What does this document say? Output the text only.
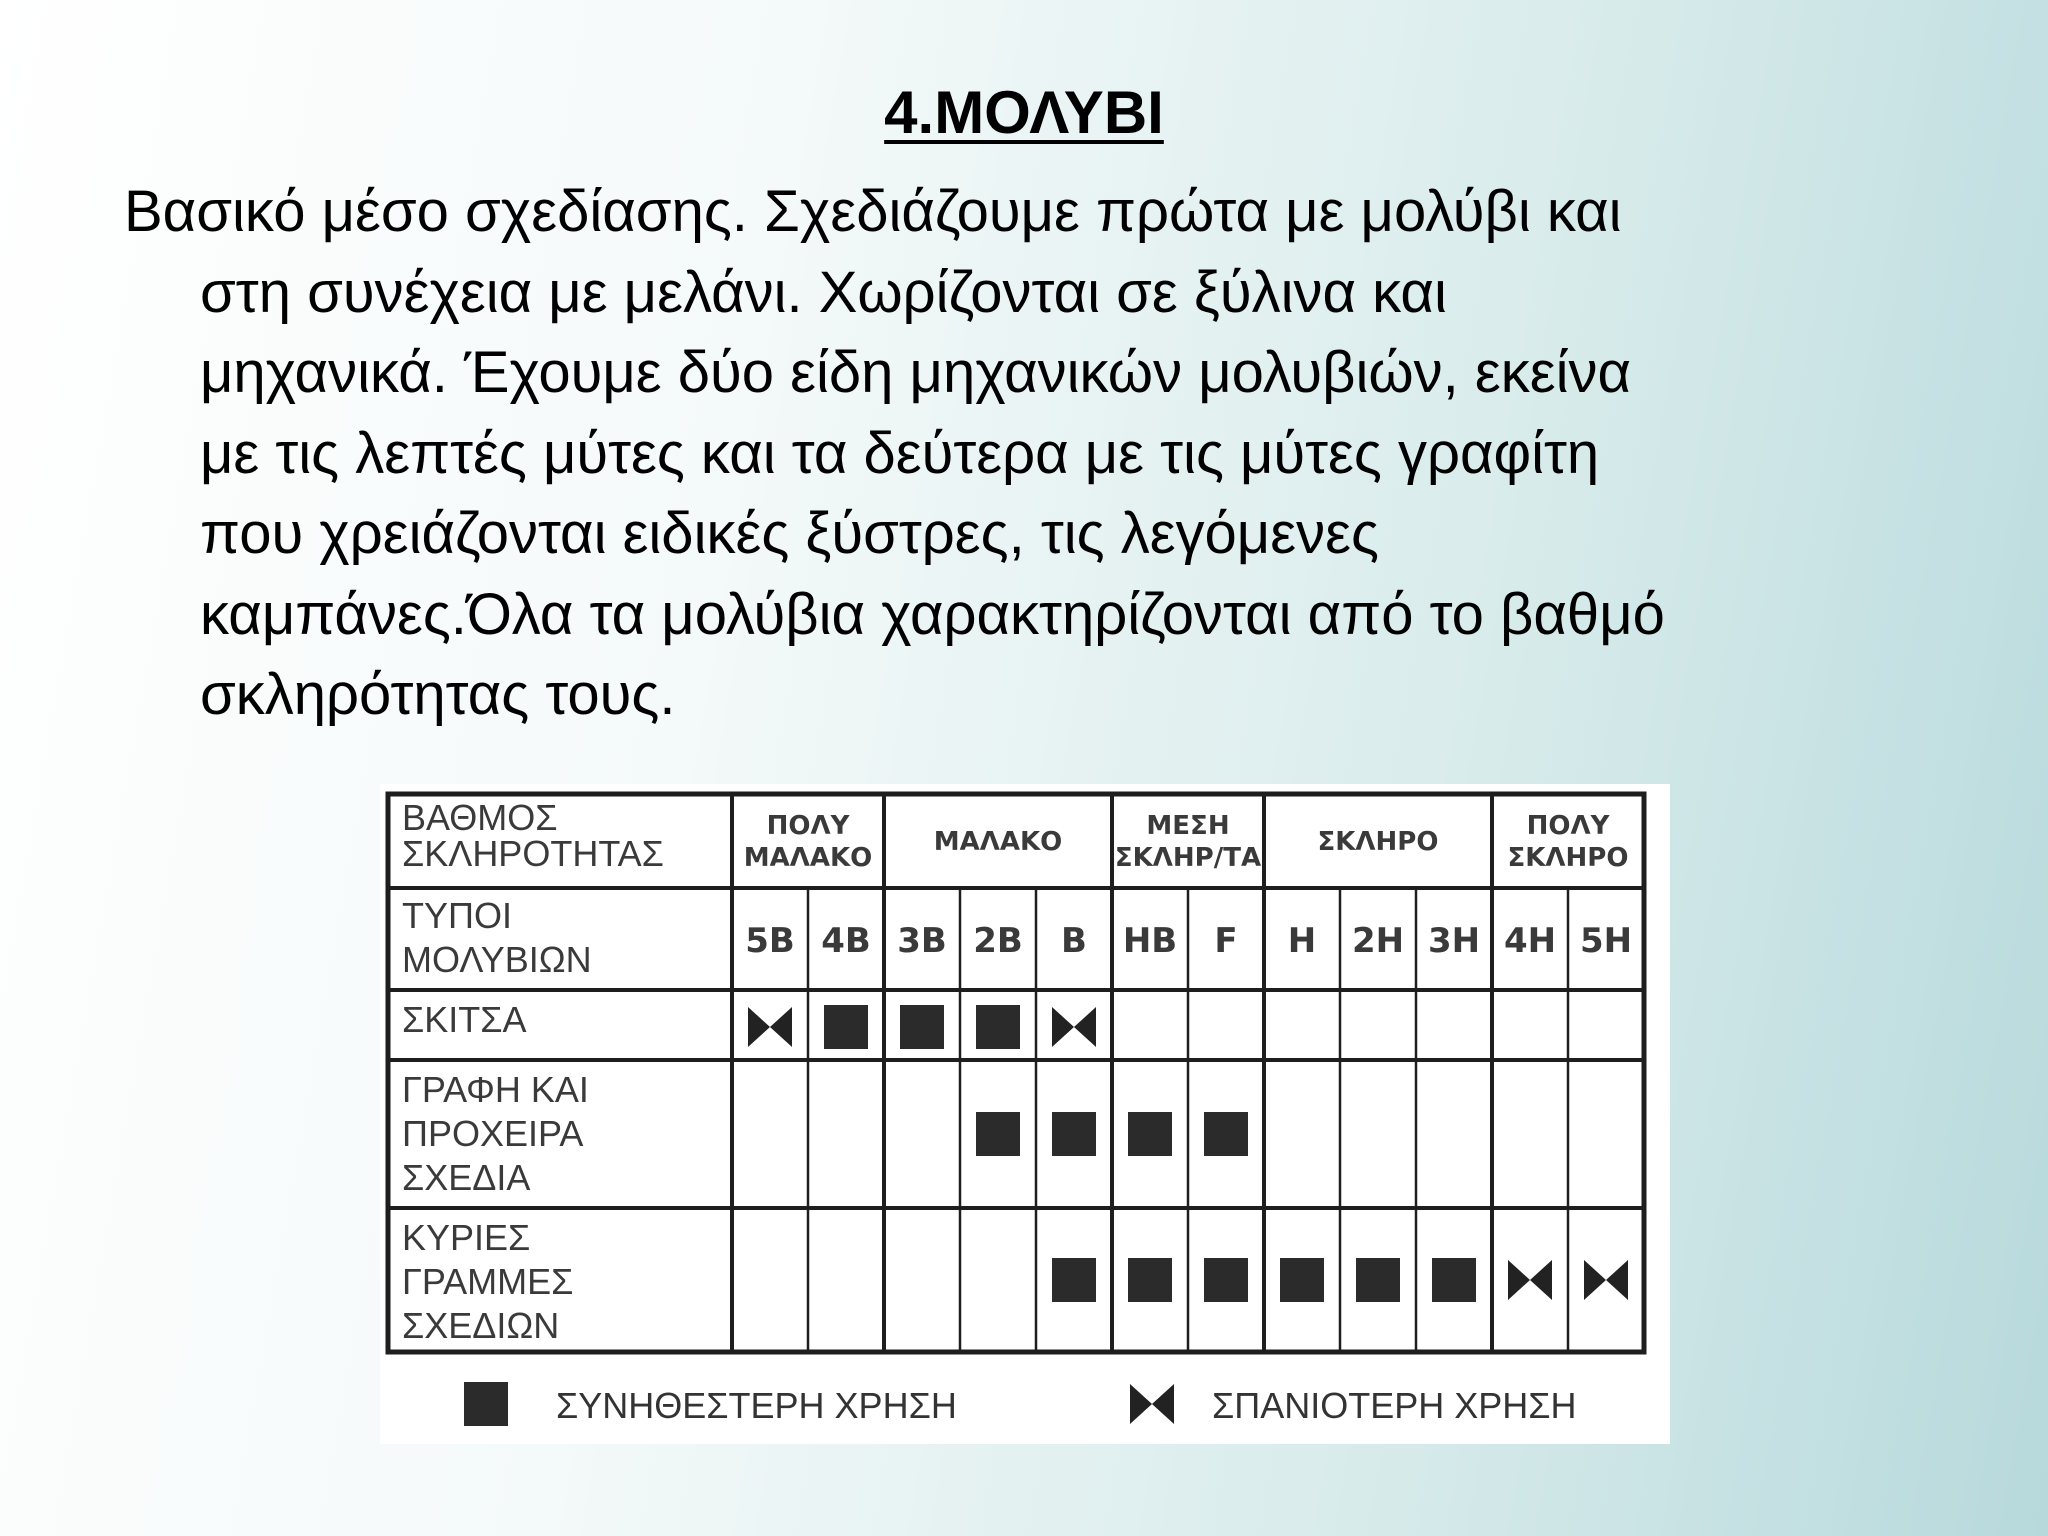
4.ΜΟΛΥΒΙ
Βασικό μέσο σχεδίασης. Σχεδιάζουμε πρώτα με μολύβι και
στη συνέχεια με μελάνι. Χωρίζονται σε ξύλινα και
μηχανικά. Έχουμε δύο είδη μηχανικών μολυβιών, εκείνα
με τις λεπτές μύτες και τα δεύτερα με τις μύτες γραφίτη
που χρειάζονται ειδικές ξύστρες, τις λεγόμενες
καμπάνες.Όλα τα μολύβια χαρακτηρίζονται από το βαθμό
σκληρότητας τους.
ΒΑΘΜΟΣ ΣΚΛΗΡΟΤΗΤΑΣ
ΤΥΠΟΙ ΜΟΛΥΒΙΩΝ
ΠΟΛΥ ΜΑΛΑΚΟ
ΜΑΛΑΚΟ
ΜΕΣΗ ΣΚΛΗΡ/ΤΑ
ΣΚΛΗΡΟ
ΠΟΛΥ ΣΚΛΗΡΟ
5B 4B 3B 2B B HB F H 2H 3H 4H 5H
ΣΚΙΤΣΑ
ΓΡΑΦΗ ΚΑΙ ΠΡΟΧΕΙΡΑ ΣΧΕΔΙΑ
ΚΥΡΙΕΣ ΓΡΑΜΜΕΣ ΣΧΕΔΙΩΝ
ΣΥΝΗΘΕΣΤΕΡΗ ΧΡΗΣΗ	ΣΠΑΝΙΟΤΕΡΗ ΧΡΗΣΗ
